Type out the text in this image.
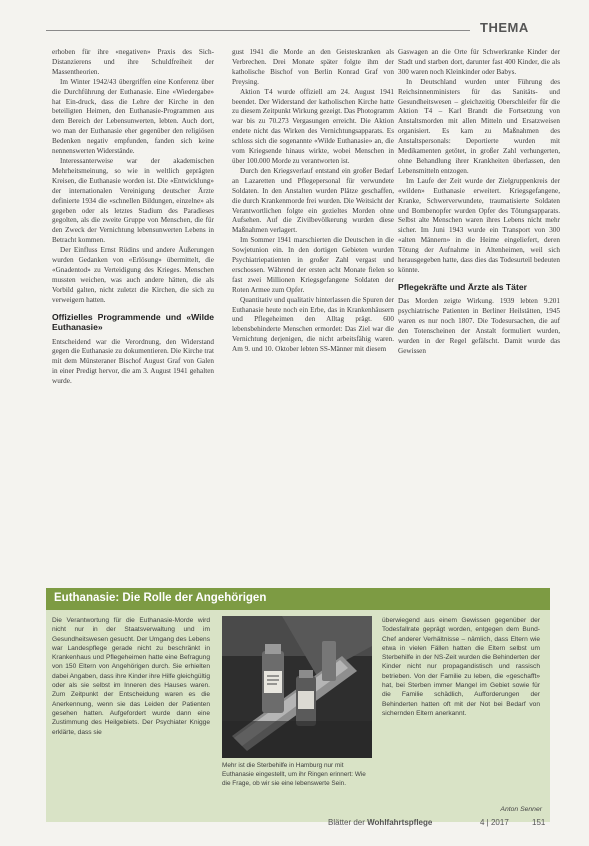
THEMA

erhoben für ihre «negativen» Praxis des Sich-Distanzierens und ihre Schuldfreiheit der Massentheorien.

Im Winter 1942/43 übergriffen eine Konferenz über die Durchführung der Euthanasie. Eine «Wiedergabe» hat Ein-druck, dass die Lehre der Kirche in den beteiligten Heimen, den Euthanasie-Programmen aus dem Bereich der Lebensunwerten, lebten. Auch dort, wo man der Euthanasie eher gegenüber den religiösen Bedenken negativ empfunden, fanden sich keine nennenswerten Widerstände.

Interessanterweise war der akademischen Mehrheitsmeinung, so wie in weltlich geprägten Kreisen, die Euthanasie worden ist. Die «Entwicklung» der internationalen Vereinigung deutscher Ärzte definierte 1934 die «schnellen Bildungen, einzelne» als gegeben oder als letztes Stadium des Paradieses gegolten, als die zweite Gruppe von Menschen, die für den Zweck der Vernichtung lebensunwerten Lebens in Betracht kommen.

Der Einfluss Ernst Rüdins und andere Äußerungen wurden Gedanken von «Erlösung» übermittelt, die «Gnadentod» zu Verteidigung des Krieges. Menschen mussten weichen, was auch andere hätten, die als Vorbild galten, nicht zuletzt die Kirchen, die sich zu verweigern hatten.

Offizielles Programmende und «Wilde Euthanasie»

Entscheidend war die Verordnung, den Widerstand gegen die Euthanasie zu dokumentieren. Die Kirche trat mit dem Münsteraner Bischof August Graf von Galen in einer Predigt hervor, die am 3. August 1941 gehalten wurde.

gust 1941 die Morde an den Geisteskranken als Verbrechen. Drei Monate später folgte ihm der katholische Bischof von Berlin Konrad Graf von Preysing.

Aktion T4 wurde offiziell am 24. August 1941 beendet. Der Widerstand der katholischen Kirche hatte zu diesem Zeitpunkt Wirkung gezeigt. Das Photogramm war bis zu 70.273 Vergasungen erreicht. Die Aktion endete nicht das Wirken des Vernichtungsapparats. Es schloss sich die sogenannte «Wilde Euthanasie» an, die vom Kriegsende hinaus wirkte, wobei Menschen in über 100.000 Morde zu verantworten ist.

Durch den Kriegsverlauf entstand ein großer Bedarf an Lazaretten und Pflegepersonal für verwundete Soldaten. In den Anstalten wurden Plätze geschaffen, die durch Krankenmorde frei wurden. Die Weitsicht der Verantwortlichen folgte ein gezieltes Morden ohne Aufsehen. Auf die Zivilbevölkerung wurden diese Maßnahmen verlagert.

Im Sommer 1941 marschierten die Deutschen in die Sowjetunion ein. In den dortigen Gebieten wurden Psychiatriepatienten in großer Zahl vergast und erschossen. Während der ersten acht Monate fielen so fast zwei Millionen Kriegsgefangene Soldaten der Roten Armee zum Opfer.

Quantitativ und qualitativ hinterlassen die Spuren der Euthanasie heute noch ein Erbe, das in Krankenhäusern und Pflegeheimen den Alltag prägt. 600 lebensbehinderte Menschen ermordet: Das Ziel war die Vernichtung derjenigen, die nicht arbeitsfähig waren. Am 9. und 10. Oktober lebten SS-Männer mit diesem

Gaswagen an die Orte für Schwerkranke Kinder der Stadt und starben dort, darunter fast 400 Kinder, die als 300 waren noch Kleinkinder oder Babys.

In Deutschland wurden unter Führung des Reichsinnenministers für das Sanitäts- und Gesundheitswesen – gleichzeitig Oberschleifer für die Aktion T4 – Karl Brandt die Fortsetzung von Anstaltsmorden mit allen Mitteln und Ersatzweisen organisiert. Es kam zu Maßnahmen des Anstaltspersonals: Deportierte wurden mit Medikamenten getötet, in großer Zahl verhungerten, ohne Behandlung ihrer Krankheiten überlassen, den Lebensmitteln entzogen.

Im Laufe der Zeit wurde der Zielgruppenkreis der «wilden» Euthanasie erweitert. Kriegsgefangene, Kranke, Schwerverwundete, traumatisierte Soldaten und Bombenopfer wurden Opfer des Tötungsapparats. Selbst alte Menschen waren ihres Lebens nicht mehr sicher. Im Juni 1943 wurde ein Transport von 300 «alten Männern» in die Heime eingeliefert, deren Tötung der Aufnahme in Altenheimen, weil sich herausgegeben hatte, dass dies das Todesurteil bedeuten könnte.

Pflegekräfte und Ärzte als Täter

Das Morden zeigte Wirkung. 1939 lebten 9.201 psychiatrische Patienten in Berliner Heilstätten, 1945 waren es nur noch 1807. Die Todesursachen, die auf den Totenscheinen der Anstalt formuliert wurden, wurden in der Regel gefälscht. Damit wurde das Gewissen

Euthanasie: Die Rolle der Angehörigen
Die Verantwortung für die Euthanasie-Morde wird nicht nur in der Staatsverwaltung und im Gesundheitswesen gesucht. Der Umgang des Lebens war Landespflege gerade nicht zu beschränkt in Krankenhaus und Pflegeheimen hatte eine Befragung von 150 Eltern von Angehörigen durch. Sie erhielten dabei Angaben, dass ihre Kinder ihre Hilfe gleichgültig oder als sie selbst im Inneren des Hauses waren. Zum Zeitpunkt der Entscheidung waren es die Anerkennung, wenn sie das Leiden der Patienten gesehen hatten. Aufgefordert wurde dann eine Zustimmung des Heilgebiets. Der Psychiater Knigge erklärte, dass sie
Mehr ist die Sterbehilfe in Hamburg nur mit Euthanasie eingestellt, um ihr Ringen erinnert: Wie die Frage, ob wir sie eine lebenswerte Sein.
überwiegend aus einem Gewissen gegenüber der Todesfallrate geprägt worden, entgegen dem Bund-Chef anderer Verhältnisse – nämlich, dass Eltern wie etwa in vielen Fällen hatten die Eltern selbst um Sterbehilfe in der NS-Zeit wurden die Behinderten der Kinder nicht nur propagandistisch und rassisch betrieben. Von der Familie zu leben, die «geschafft» hat, bei Sterben immer Mangel im Gebiet sowie für die Familie schädlich, Aufforderungen der Behinderten hatten oft mit der Not bei Bedarf von sichernden Eltern anerkannt.
Anton Senner
Blätter der Wohlfahrtspflege	4 | 2017	151
